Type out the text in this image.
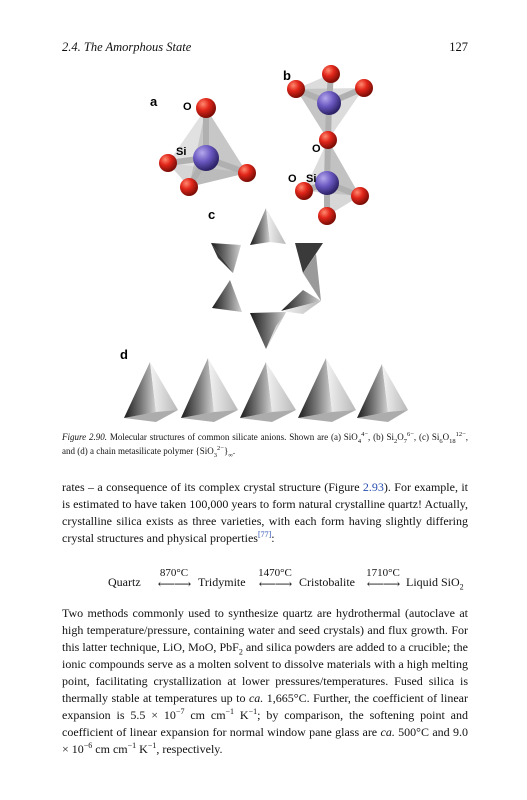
2.4. The Amorphous State	127
a O
Si
b
O
O Si
c
d
Figure 2.90. Molecular structures of common silicate anions. Shown are (a) SiO$_4^{4-}$, (b) $Si_2O_7^{6-}$, (c) $Si_6O_{18}^{12-}$, and (d) a chain metasilicate polymer $\{SiO_3^{2-}\}_\infty$.

rates – a consequence of its complex crystal structure (Figure 2.93). For example, it is estimated to have taken 100,000 years to form natural crystalline quartz! Actually, crystalline silica exists as three varieties, with each form having slightly differing crystal structures and physical properties[77]:

Quartz
870°C
⟵⟶ Tridymite
1470°C
⟵⟶ Cristobalite
1710°C
⟵⟶ Liquid SiO$_2$

Two methods commonly used to synthesize quartz are hydrothermal (autoclave at high temperature/pressure, containing water and seed crystals) and flux growth. For this latter technique, LiO, MoO, PbF$_2$ and silica powders are added to a crucible; the ionic compounds serve as a molten solvent to dissolve materials with a high melting point, facilitating crystallization at lower pressures/temperatures. Fused silica is thermally stable at temperatures up to ca. 1,665°C. Further, the coefficient of linear expansion is $5.5 \times 10^{-7}$ cm $cm^{-1}$ $K^{-1}$; by comparison, the softening point and coefficient of linear expansion for normal window pane glass are ca. 500°C and $9.0 \times 10^{-6}$ cm $cm^{-1}$ $K^{-1}$, respectively.
